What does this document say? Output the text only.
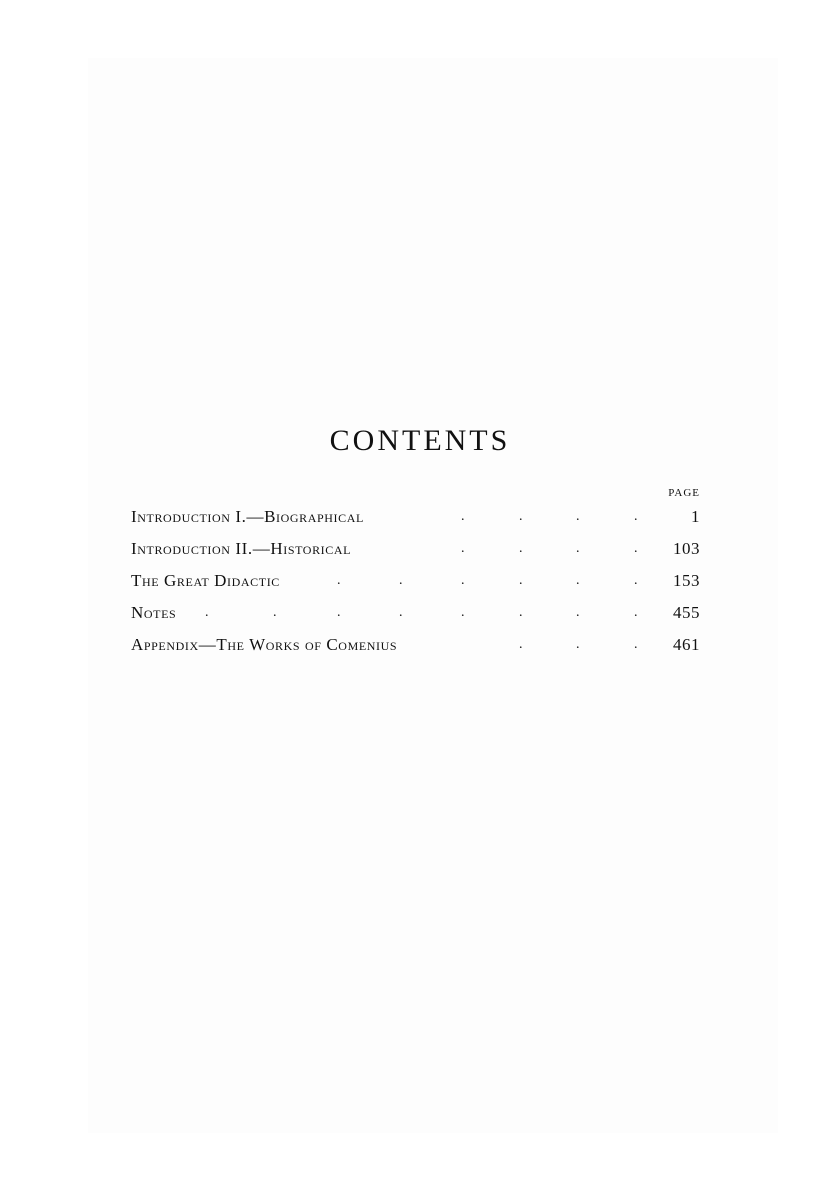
CONTENTS
PAGE
Introduction I.—Biographical	.	.	.	.	1
Introduction II.—Historical	.	.	.	.	103
The Great Didactic	.	.	.	.	.	.	153
Notes .	.	.	.	.	.	.	.	455
Appendix—The Works of Comenius	.	.	.	461
